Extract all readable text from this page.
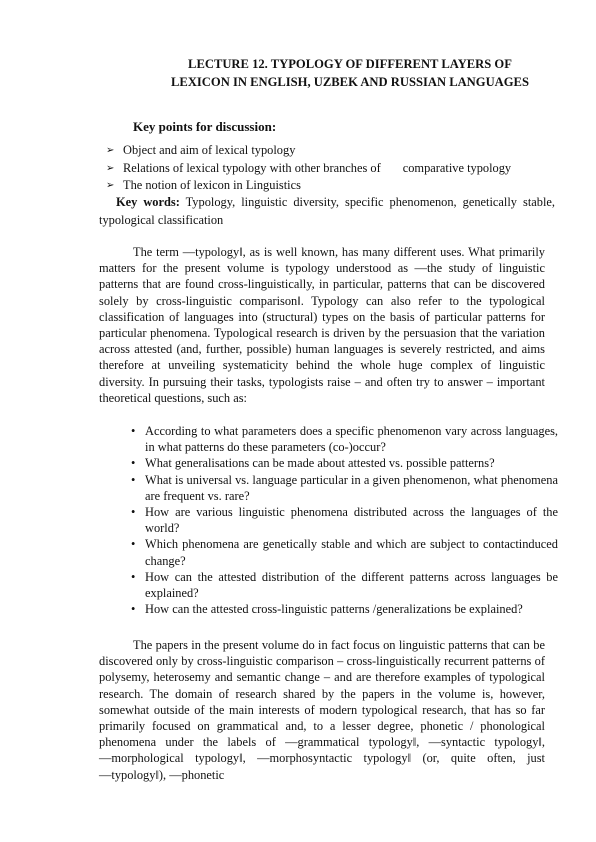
LECTURE 12. TYPOLOGY OF DIFFERENT LAYERS OF
LEXICON IN ENGLISH, UZBEK AND RUSSIAN LANGUAGES
Key points for discussion:
➢ Object and aim of lexical typology
➢ Relations of lexical typology with other branches of comparative typology
➢ The notion of lexicon in Linguistics
Key words: Typology, linguistic diversity, specific phenomenon, genetically stable, typological classification

The term ―typology‖, as is well known, has many different uses. What primarily matters for the present volume is typology understood as ―the study of linguistic patterns that are found cross-linguistically, in particular, patterns that can be discovered solely by cross-linguistic comparison‖. Typology can also refer to the typological classification of languages into (structural) types on the basis of particular patterns for particular phenomena. Typological research is driven by the persuasion that the variation across attested (and, further, possible) human languages is severely restricted, and aims therefore at unveiling systematicity behind the whole huge complex of linguistic diversity. In pursuing their tasks, typologists raise – and often try to answer – important theoretical questions, such as:

• According to what parameters does a specific phenomenon vary across languages, in what patterns do these parameters (co-)occur?
• What generalisations can be made about attested vs. possible patterns?
• What is universal vs. language particular in a given phenomenon, what phenomena are frequent vs. rare?
• How are various linguistic phenomena distributed across the languages of the world?
• Which phenomena are genetically stable and which are subject to contactinduced change?
• How can the attested distribution of the different patterns across languages be explained?
• How can the attested cross-linguistic patterns /generalizations be explained?

The papers in the present volume do in fact focus on linguistic patterns that can be discovered only by cross-linguistic comparison – cross-linguistically recurrent patterns of polysemy, heterosemy and semantic change – and are therefore examples of typological research. The domain of research shared by the papers in the volume is, however, somewhat outside of the main interests of modern typological research, that has so far primarily focused on grammatical and, to a lesser degree, phonetic / phonological phenomena under the labels of ―grammatical typology‖, ―syntactic typology‖, ―morphological typology‖, ―morphosyntactic typology‖ (or, quite often, just ―typology‖), ―phonetic
